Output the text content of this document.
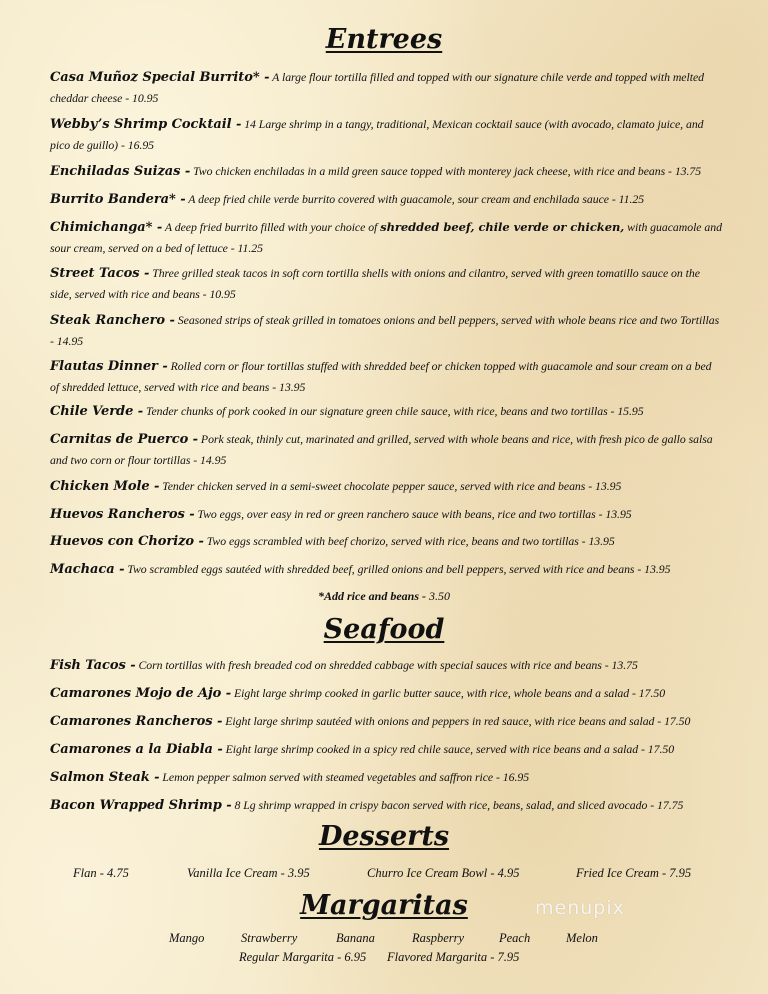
Entrees
Seafood
Desserts
Margaritas
Casa Muñoz Special Burrito* - A large flour tortilla filled and topped with our signature chile verde and topped with melted cheddar cheese - 10.95
Webby’s Shrimp Cocktail - 14 Large shrimp in a tangy, traditional, Mexican cocktail sauce (with avocado, clamato juice, and pico de guillo) - 16.95
Enchiladas Suizas - Two chicken enchiladas in a mild green sauce topped with monterey jack cheese, with rice and beans - 13.75
Burrito Bandera* - A deep fried chile verde burrito covered with guacamole, sour cream and enchilada sauce - 11.25
Chimichanga* - A deep fried burrito filled with your choice of shredded beef, chile verde or chicken, with guacamole and sour cream, served on a bed of lettuce - 11.25
Street Tacos - Three grilled steak tacos in soft corn tortilla shells with onions and cilantro, served with green tomatillo sauce on the side, served with rice and beans - 10.95
Steak Ranchero - Seasoned strips of steak grilled in tomatoes onions and bell peppers, served with whole beans rice and two Tortillas - 14.95
Flautas Dinner - Rolled corn or flour tortillas stuffed with shredded beef or chicken topped with guacamole and sour cream on a bed of shredded lettuce, served with rice and beans - 13.95
Chile Verde - Tender chunks of pork cooked in our signature green chile sauce, with rice, beans and two tortillas - 15.95
Carnitas de Puerco - Pork steak, thinly cut, marinated and grilled, served with whole beans and rice, with fresh pico de gallo salsa and two corn or flour tortillas - 14.95
Chicken Mole - Tender chicken served in a semi-sweet chocolate pepper sauce, served with rice and beans - 13.95
Huevos Rancheros - Two eggs, over easy in red or green ranchero sauce with beans, rice and two tortillas - 13.95
Huevos con Chorizo - Two eggs scrambled with beef chorizo, served with rice, beans and two tortillas - 13.95
Machaca - Two scrambled eggs sautéed with shredded beef, grilled onions and bell peppers, served with rice and beans - 13.95
*Add rice and beans - 3.50
Fish Tacos - Corn tortillas with fresh breaded cod on shredded cabbage with special sauces with rice and beans - 13.75
Camarones Mojo de Ajo - Eight large shrimp cooked in garlic butter sauce, with rice, whole beans and a salad - 17.50
Camarones Rancheros - Eight large shrimp sautéed with onions and peppers in red sauce, with rice beans and salad - 17.50
Camarones a la Diabla - Eight large shrimp cooked in a spicy red chile sauce, served with rice beans and a salad - 17.50
Salmon Steak - Lemon pepper salmon served with steamed vegetables and saffron rice - 16.95
Bacon Wrapped Shrimp - 8 Lg shrimp wrapped in crispy bacon served with rice, beans, salad, and sliced avocado - 17.75
Flan - 4.75	Vanilla Ice Cream - 3.95	Churro Ice Cream Bowl - 4.95	Fried Ice Cream - 7.95
Mango	Strawberry	Banana	Raspberry	Peach	Melon
Regular Margarita - 6.95 Flavored Margarita - 7.95
menupix
